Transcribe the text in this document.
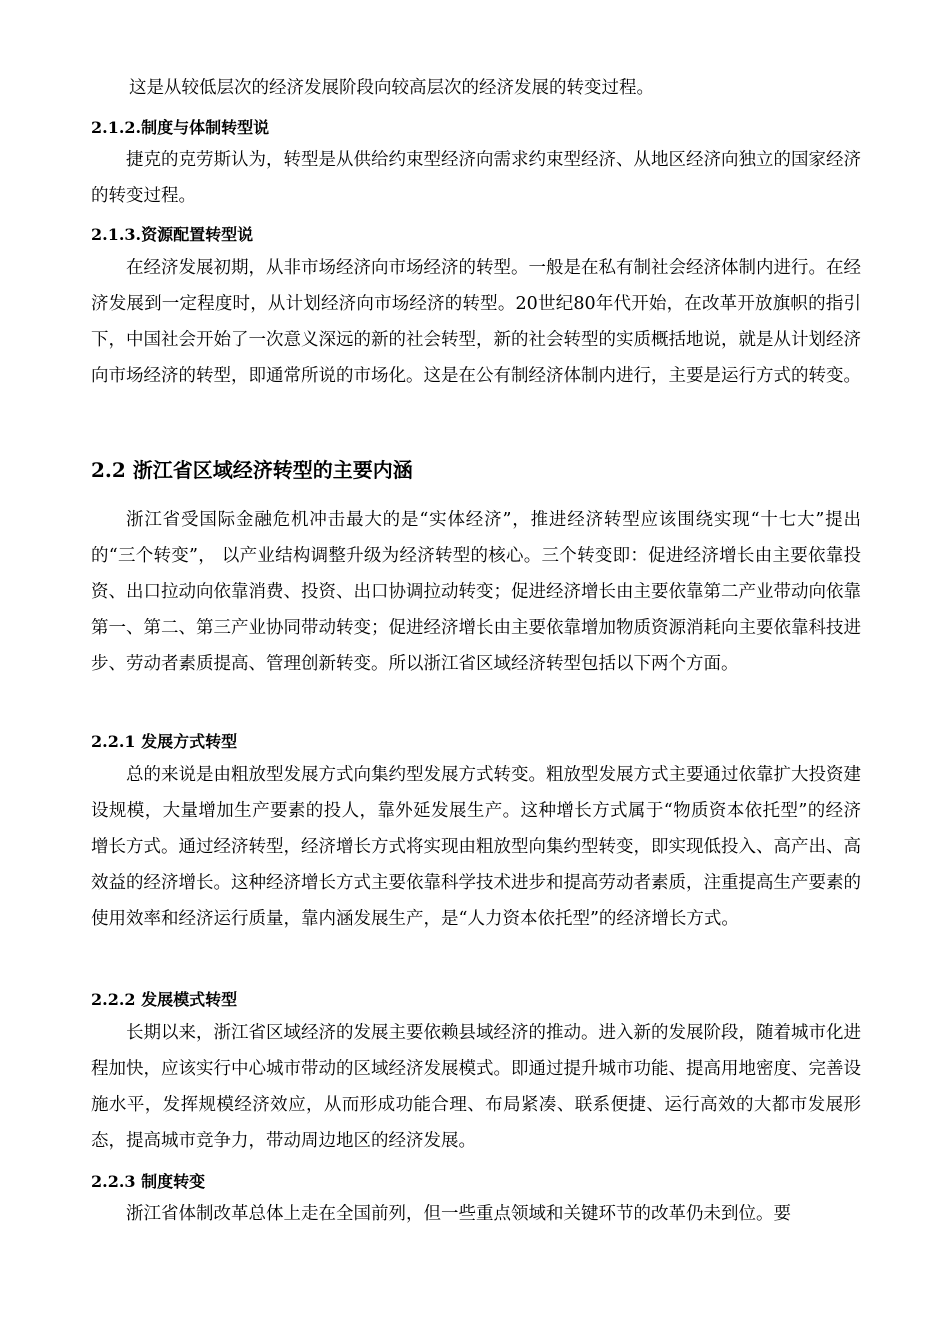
这是从较低层次的经济发展阶段向较高层次的经济发展的转变过程。

2.1.2.制度与体制转型说

捷克的克劳斯认为，转型是从供给约束型经济向需求约束型经济、从地区经济向独立的国家经济的转变过程。

2.1.3.资源配置转型说

在经济发展初期，从非市场经济向市场经济的转型。一般是在私有制社会经济体制内进行。在经济发展到一定程度时，从计划经济向市场经济的转型。20世纪80年代开始，在改革开放旗帜的指引下，中国社会开始了一次意义深远的新的社会转型，新的社会转型的实质概括地说，就是从计划经济向市场经济的转型，即通常所说的市场化。这是在公有制经济体制内进行，主要是运行方式的转变。

2.2 浙江省区域经济转型的主要内涵

浙江省受国际金融危机冲击最大的是“实体经济”，推进经济转型应该围绕实现“十七大”提出的“三个转变”， 以产业结构调整升级为经济转型的核心。三个转变即：促进经济增长由主要依靠投资、出口拉动向依靠消费、投资、出口协调拉动转变；促进经济增长由主要依靠第二产业带动向依靠第一、第二、第三产业协同带动转变；促进经济增长由主要依靠增加物质资源消耗向主要依靠科技进步、劳动者素质提高、管理创新转变。所以浙江省区域经济转型包括以下两个方面。

2.2.1 发展方式转型

总的来说是由粗放型发展方式向集约型发展方式转变。粗放型发展方式主要通过依靠扩大投资建设规模，大量增加生产要素的投人，靠外延发展生产。这种增长方式属于“物质资本依托型”的经济增长方式。通过经济转型，经济增长方式将实现由粗放型向集约型转变，即实现低投入、高产出、高效益的经济增长。这种经济增长方式主要依靠科学技术进步和提高劳动者素质，注重提高生产要素的使用效率和经济运行质量，靠内涵发展生产，是“人力资本依托型”的经济增长方式。

2.2.2 发展模式转型

长期以来，浙江省区域经济的发展主要依赖县域经济的推动。进入新的发展阶段，随着城市化进程加快，应该实行中心城市带动的区域经济发展模式。即通过提升城市功能、提高用地密度、完善设施水平，发挥规模经济效应，从而形成功能合理、布局紧凑、联系便捷、运行高效的大都市发展形态，提高城市竞争力，带动周边地区的经济发展。

2.2.3 制度转变

浙江省体制改革总体上走在全国前列，但一些重点领域和关键环节的改革仍未到位。要
